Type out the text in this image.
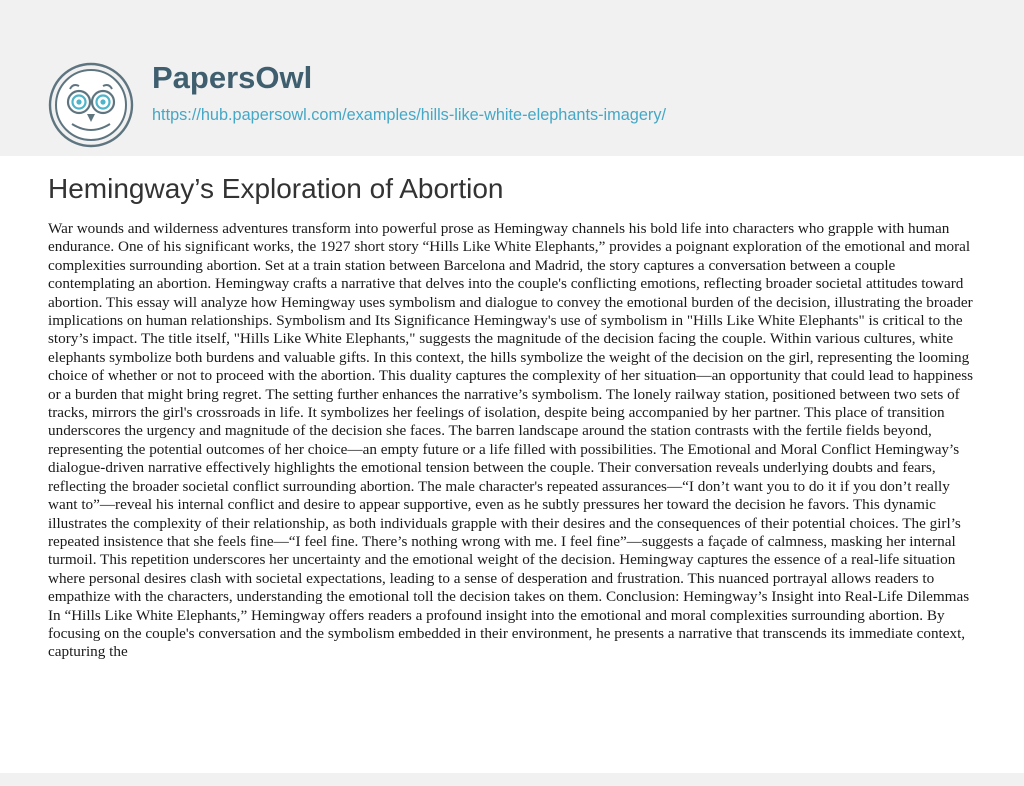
PapersOwl
https://hub.papersowl.com/examples/hills-like-white-elephants-imagery/
Hemingway’s Exploration of Abortion

War wounds and wilderness adventures transform into powerful prose as Hemingway channels his bold life into characters who grapple with human endurance. One of his significant works, the 1927 short story “Hills Like White Elephants,” provides a poignant exploration of the emotional and moral complexities surrounding abortion. Set at a train station between Barcelona and Madrid, the story captures a conversation between a couple contemplating an abortion. Hemingway crafts a narrative that delves into the couple's conflicting emotions, reflecting broader societal attitudes toward abortion. This essay will analyze how Hemingway uses symbolism and dialogue to convey the emotional burden of the decision, illustrating the broader implications on human relationships. Symbolism and Its Significance Hemingway's use of symbolism in "Hills Like White Elephants" is critical to the story’s impact. The title itself, "Hills Like White Elephants," suggests the magnitude of the decision facing the couple. Within various cultures, white elephants symbolize both burdens and valuable gifts. In this context, the hills symbolize the weight of the decision on the girl, representing the looming choice of whether or not to proceed with the abortion. This duality captures the complexity of her situation—an opportunity that could lead to happiness or a burden that might bring regret. The setting further enhances the narrative’s symbolism. The lonely railway station, positioned between two sets of tracks, mirrors the girl's crossroads in life. It symbolizes her feelings of isolation, despite being accompanied by her partner. This place of transition underscores the urgency and magnitude of the decision she faces. The barren landscape around the station contrasts with the fertile fields beyond, representing the potential outcomes of her choice—an empty future or a life filled with possibilities. The Emotional and Moral Conflict Hemingway’s dialogue-driven narrative effectively highlights the emotional tension between the couple. Their conversation reveals underlying doubts and fears, reflecting the broader societal conflict surrounding abortion. The male character's repeated assurances—“I don’t want you to do it if you don’t really want to”—reveal his internal conflict and desire to appear supportive, even as he subtly pressures her toward the decision he favors. This dynamic illustrates the complexity of their relationship, as both individuals grapple with their desires and the consequences of their potential choices. The girl’s repeated insistence that she feels fine—“I feel fine. There’s nothing wrong with me. I feel fine”—suggests a façade of calmness, masking her internal turmoil. This repetition underscores her uncertainty and the emotional weight of the decision. Hemingway captures the essence of a real-life situation where personal desires clash with societal expectations, leading to a sense of desperation and frustration. This nuanced portrayal allows readers to empathize with the characters, understanding the emotional toll the decision takes on them. Conclusion: Hemingway’s Insight into Real-Life Dilemmas In “Hills Like White Elephants,” Hemingway offers readers a profound insight into the emotional and moral complexities surrounding abortion. By focusing on the couple's conversation and the symbolism embedded in their environment, he presents a narrative that transcends its immediate context, capturing the
